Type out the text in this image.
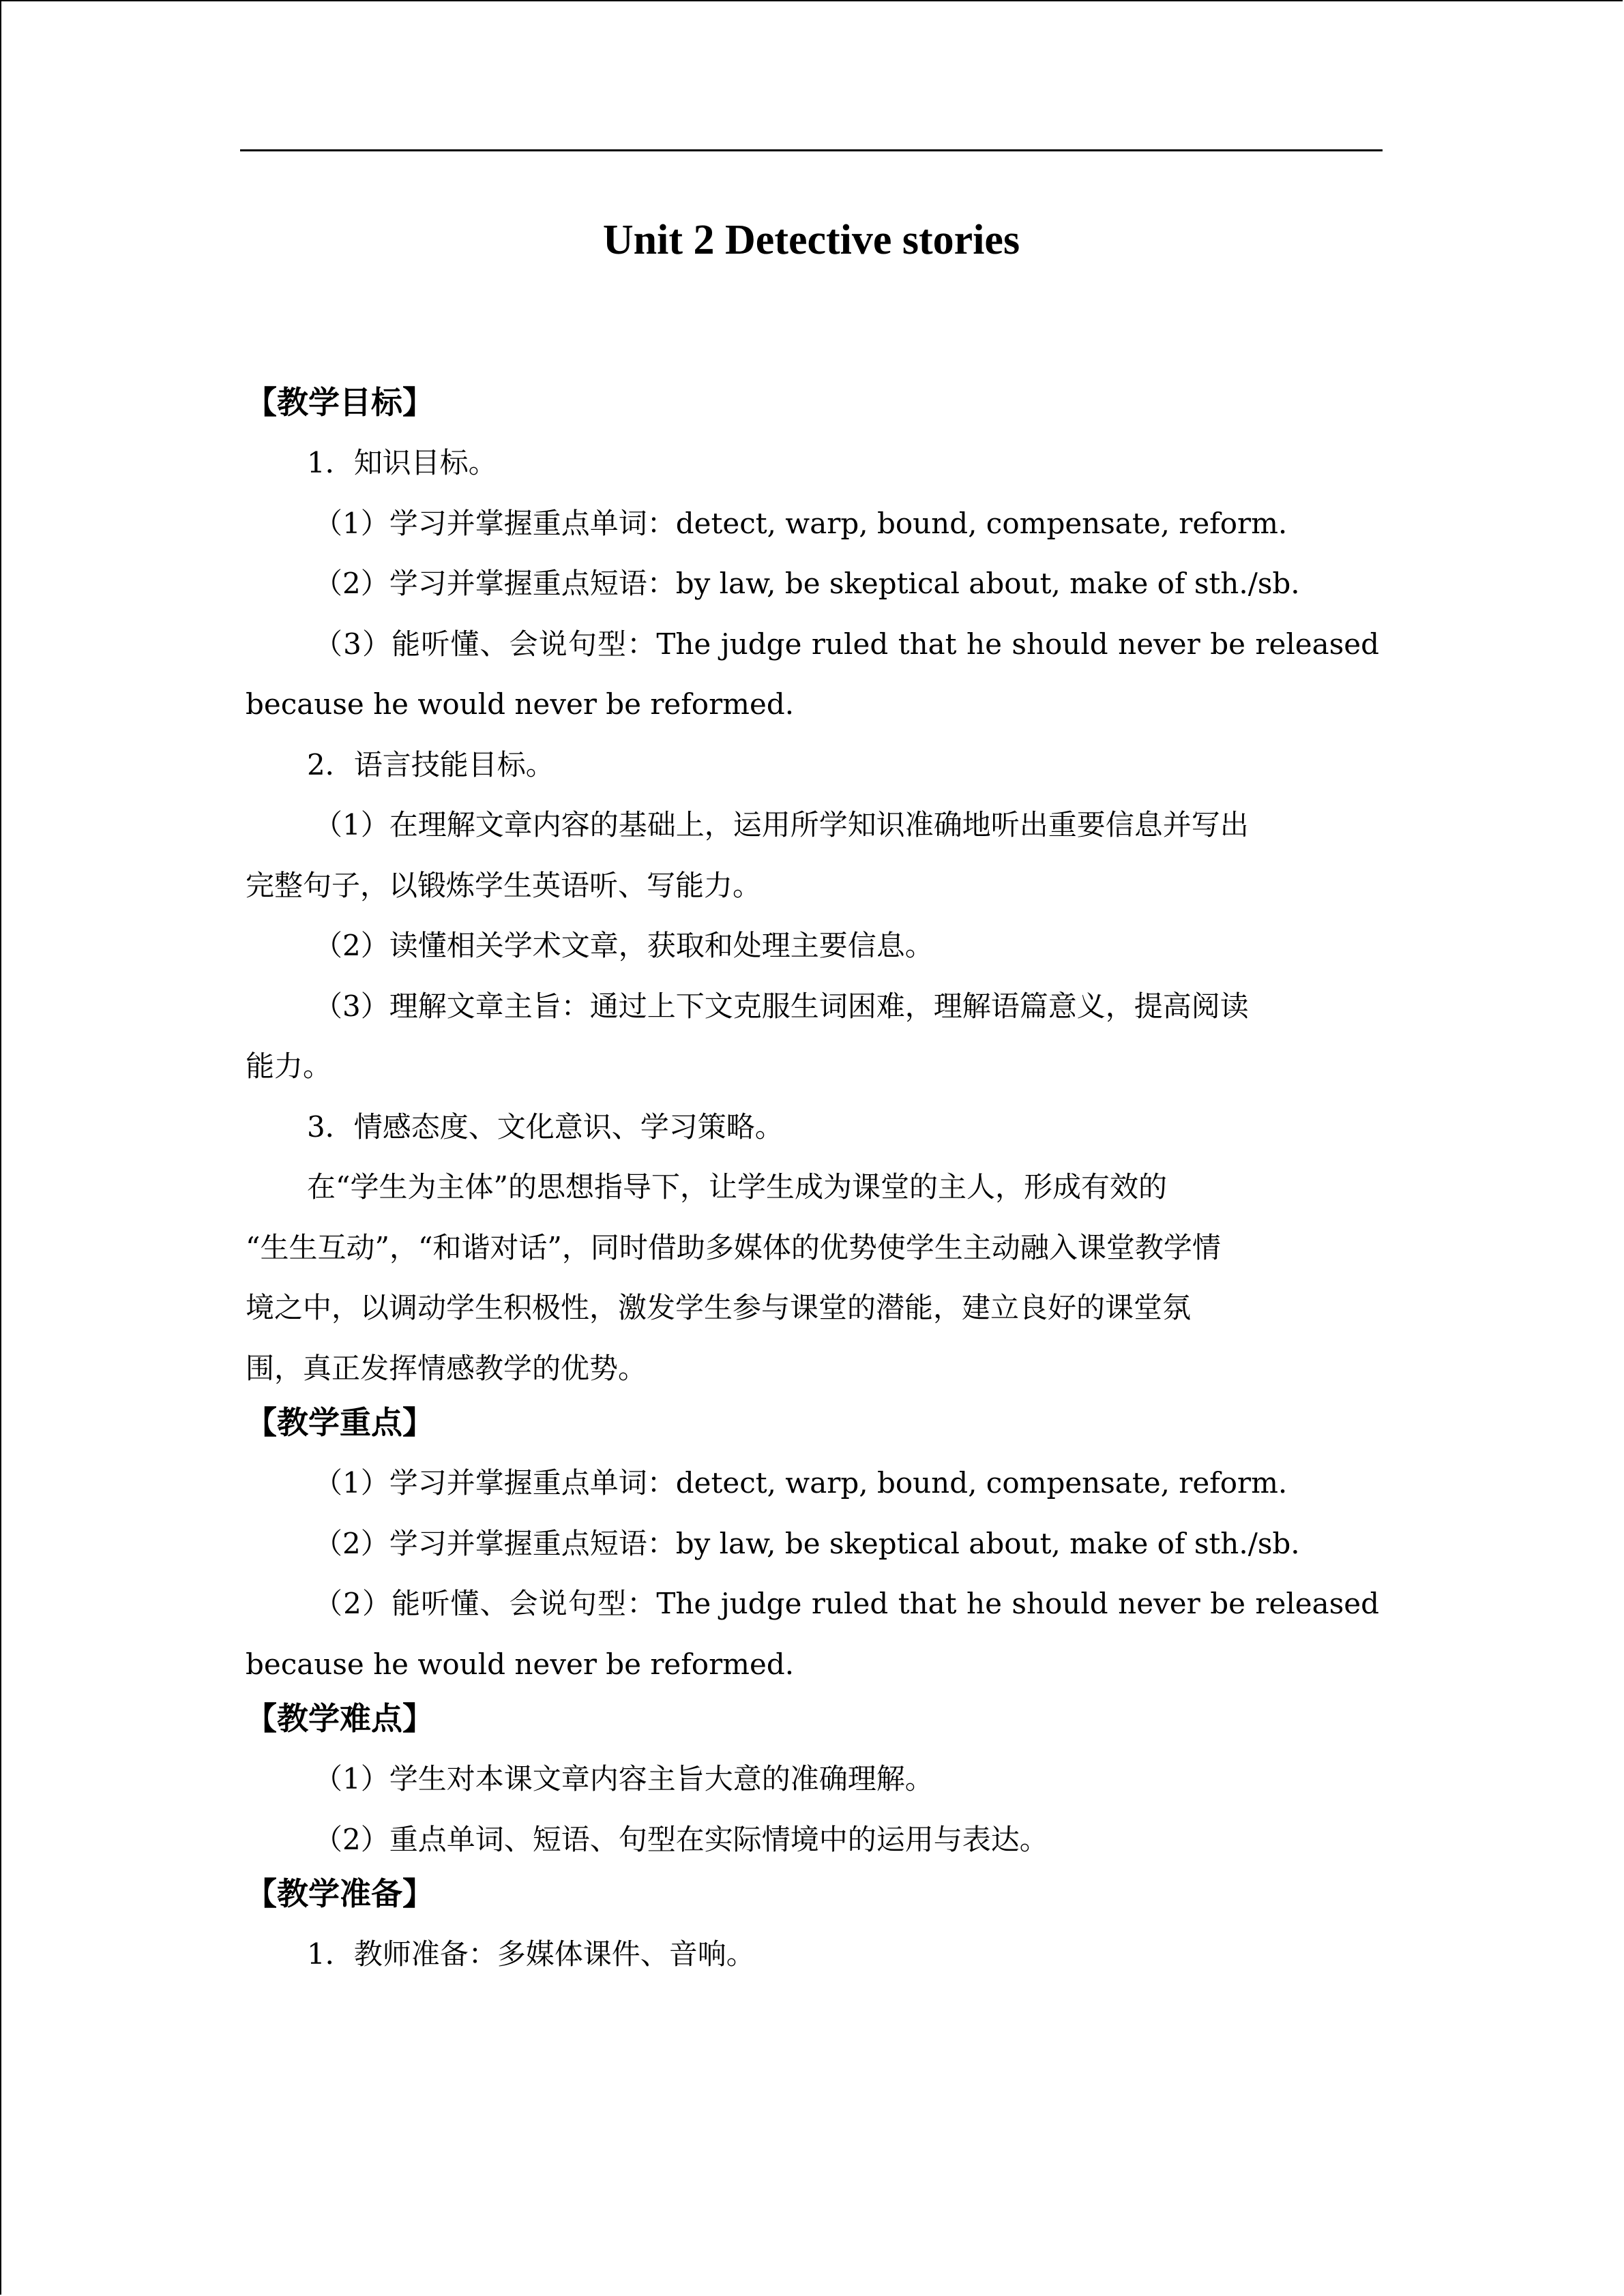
Unit 2 Detective stories

【教学目标】

1．知识目标。

（1）学习并掌握重点单词：detect, warp, bound, compensate, reform.

（2）学习并掌握重点短语：by law, be skeptical about, make of sth./sb.

（3）能听懂、会说句型：The judge ruled that he should never be released

because he would never be reformed.

2．语言技能目标。

（1）在理解文章内容的基础上，运用所学知识准确地听出重要信息并写出

完整句子，以锻炼学生英语听、写能力。

（2）读懂相关学术文章，获取和处理主要信息。

（3）理解文章主旨：通过上下文克服生词困难，理解语篇意义，提高阅读

能力。

3．情感态度、文化意识、学习策略。

在“学生为主体”的思想指导下，让学生成为课堂的主人，形成有效的

“生生互动”，“和谐对话”，同时借助多媒体的优势使学生主动融入课堂教学情

境之中，以调动学生积极性，激发学生参与课堂的潜能，建立良好的课堂氛

围，真正发挥情感教学的优势。

【教学重点】

（1）学习并掌握重点单词：detect, warp, bound, compensate, reform.

（2）学习并掌握重点短语：by law, be skeptical about, make of sth./sb.

（2）能听懂、会说句型：The judge ruled that he should never be released

because he would never be reformed.

【教学难点】

（1）学生对本课文章内容主旨大意的准确理解。

（2）重点单词、短语、句型在实际情境中的运用与表达。

【教学准备】

1．教师准备：多媒体课件、音响。
